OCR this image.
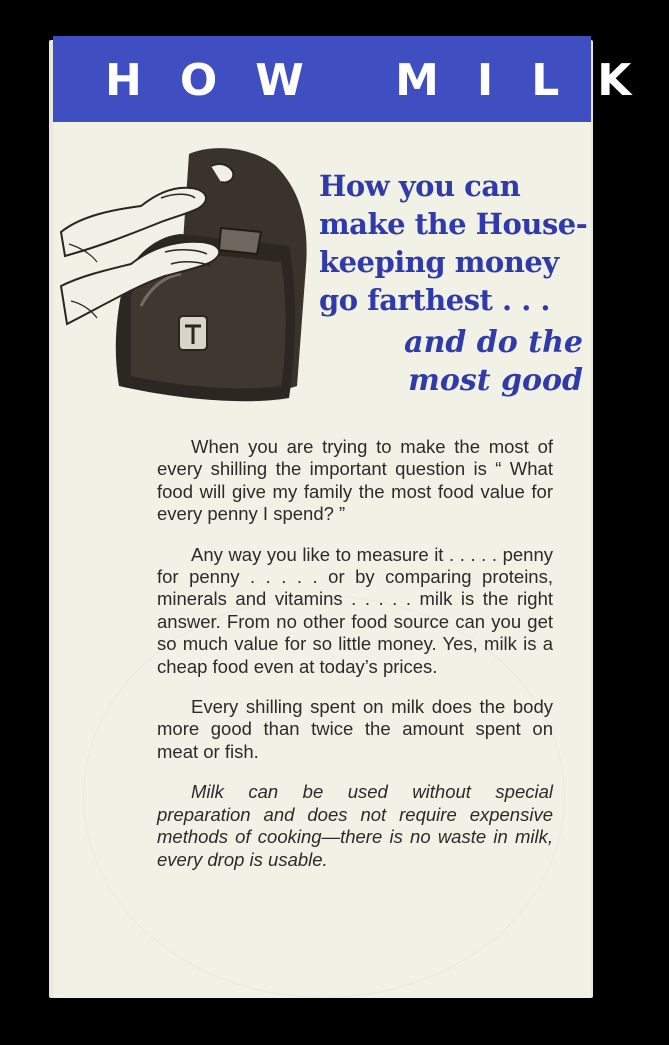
HOW MILK
How you can
make the House-
keeping money
go farthest . . .
and do the
most good

When you are trying to make the most of every shilling the important question is “ What food will give my family the most food value for every penny I spend? ”

Any way you like to measure it . . . . . penny for penny . . . . . or by comparing proteins, minerals and vitamins . . . . . milk is the right answer. From no other food source can you get so much value for so little money. Yes, milk is a cheap food even at today’s prices.

Every shilling spent on milk does the body more good than twice the amount spent on meat or fish.

Milk can be used without special preparation and does not require expensive methods of cooking—there is no waste in milk, every drop is usable.
